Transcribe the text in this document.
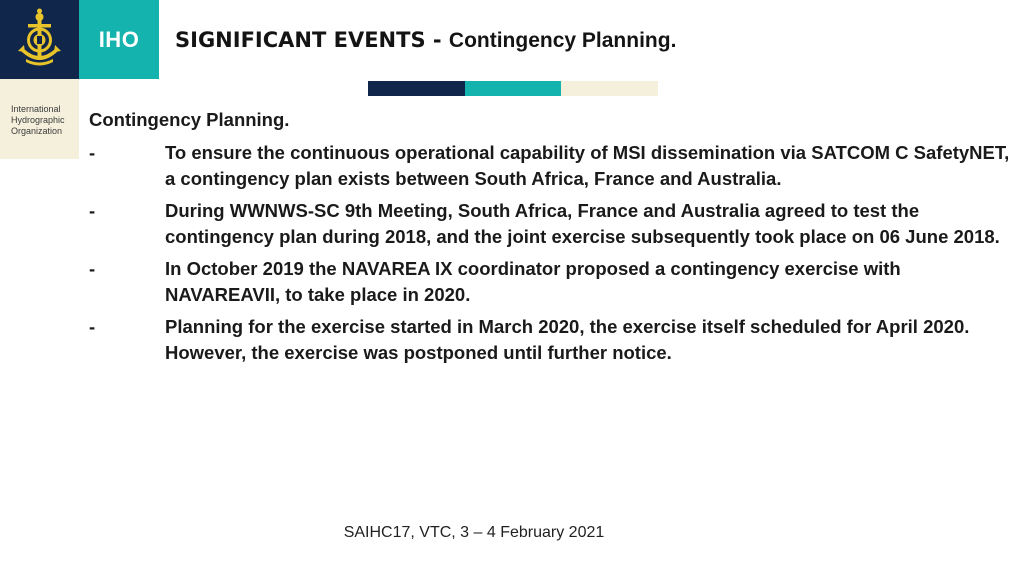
IHO
International
Hydrographic
Organization
SIGNIFICANT EVENTS - Contingency Planning.
Contingency Planning.
-	To ensure the continuous operational capability of MSI dissemination via SATCOM C SafetyNET, a contingency plan exists between South Africa, France and Australia.
-	During WWNWS-SC 9th Meeting, South Africa, France and Australia agreed to test the contingency plan during 2018, and the joint exercise subsequently took place on 06 June 2018.
-	In October 2019 the NAVAREA IX coordinator proposed a contingency exercise with NAVAREAVII, to take place in 2020.
-	Planning for the exercise started in March 2020, the exercise itself scheduled for April 2020. However, the exercise was postponed until further notice.
SAIHC17, VTC, 3 – 4 February 2021
